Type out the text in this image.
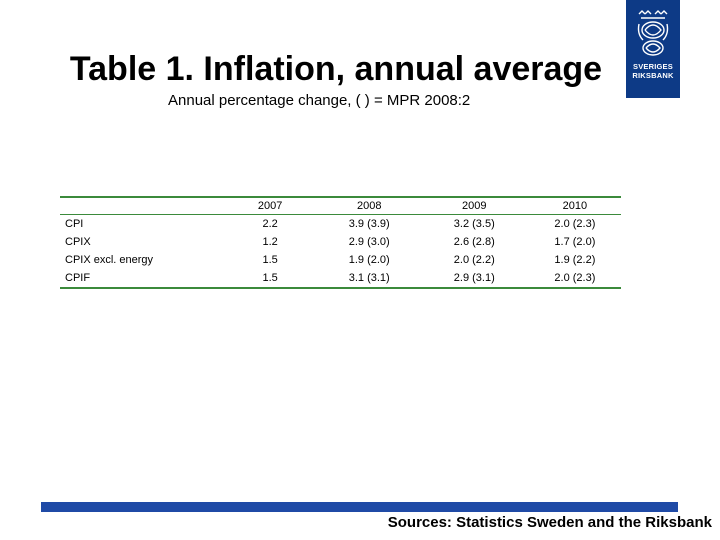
Table 1. Inflation, annual average
Annual percentage change, ( ) = MPR 2008:2
SVERIGES
RIKSBANK
	2007	2008	2009	2010
CPI	2.2	3.9 (3.9)	3.2 (3.5)	2.0 (2.3)
CPIX	1.2	2.9 (3.0)	2.6 (2.8)	1.7 (2.0)
CPIX excl. energy	1.5	1.9 (2.0)	2.0 (2.2)	1.9 (2.2)
CPIF	1.5	3.1 (3.1)	2.9 (3.1)	2.0 (2.3)
Sources: Statistics Sweden and the Riksbank
